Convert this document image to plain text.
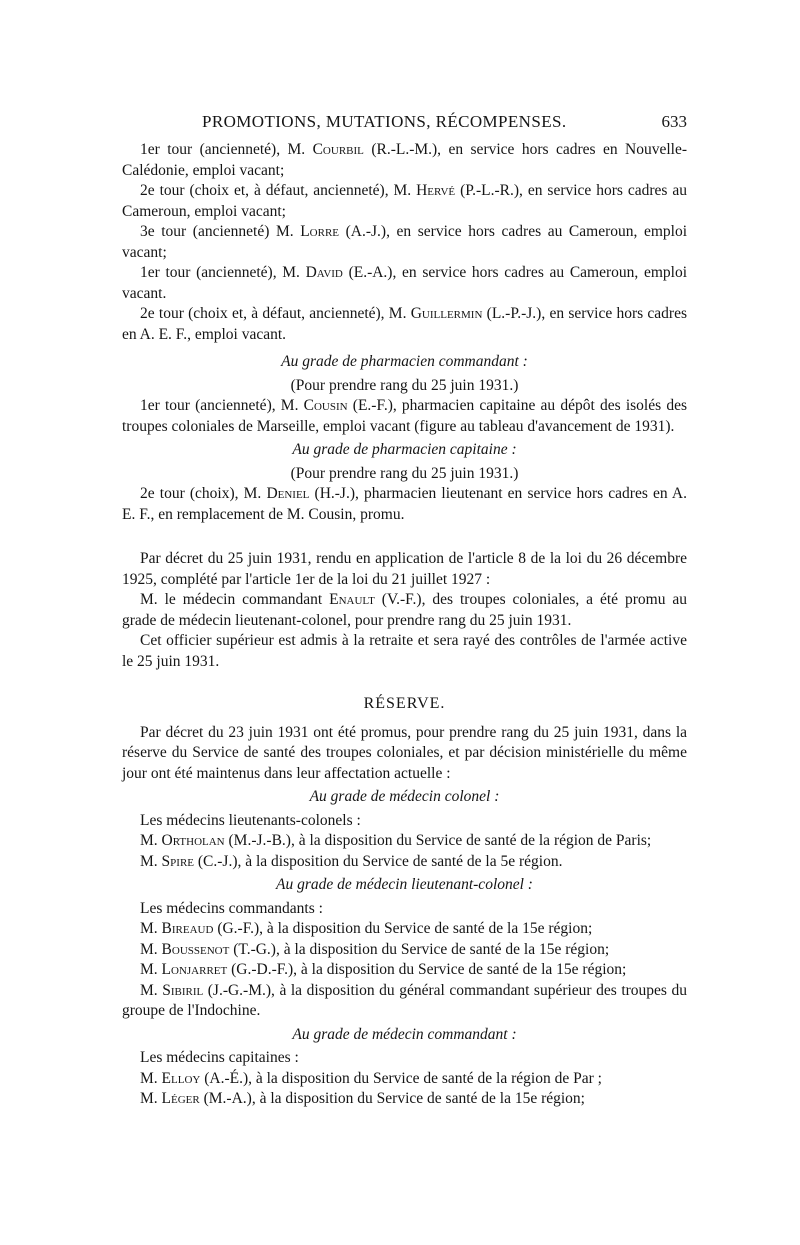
PROMOTIONS, MUTATIONS, RÉCOMPENSES.	633

1er tour (ancienneté), M. Courbil (R.-L.-M.), en service hors cadres en Nouvelle-Calédonie, emploi vacant;

2e tour (choix et, à défaut, ancienneté), M. Hervé (P.-L.-R.), en service hors cadres au Cameroun, emploi vacant;

3e tour (ancienneté) M. Lorre (A.-J.), en service hors cadres au Cameroun, emploi vacant;

1er tour (ancienneté), M. David (E.-A.), en service hors cadres au Cameroun, emploi vacant.

2e tour (choix et, à défaut, ancienneté), M. Guillermin (L.-P.-J.), en service hors cadres en A. E. F., emploi vacant.

Au grade de pharmacien commandant :

(Pour prendre rang du 25 juin 1931.)

1er tour (ancienneté), M. Cousin (E.-F.), pharmacien capitaine au dépôt des isolés des troupes coloniales de Marseille, emploi vacant (figure au tableau d'avancement de 1931).

Au grade de pharmacien capitaine :

(Pour prendre rang du 25 juin 1931.)

2e tour (choix), M. Deniel (H.-J.), pharmacien lieutenant en service hors cadres en A. E. F., en remplacement de M. Cousin, promu.

Par décret du 25 juin 1931, rendu en application de l'article 8 de la loi du 26 décembre 1925, complété par l'article 1er de la loi du 21 juillet 1927 :

M. le médecin commandant Enault (V.-F.), des troupes coloniales, a été promu au grade de médecin lieutenant-colonel, pour prendre rang du 25 juin 1931.

Cet officier supérieur est admis à la retraite et sera rayé des contrôles de l'armée active le 25 juin 1931.

RÉSERVE.

Par décret du 23 juin 1931 ont été promus, pour prendre rang du 25 juin 1931, dans la réserve du Service de santé des troupes coloniales, et par décision ministérielle du même jour ont été maintenus dans leur affectation actuelle :

Au grade de médecin colonel :

Les médecins lieutenants-colonels :

M. Ortholan (M.-J.-B.), à la disposition du Service de santé de la région de Paris;

M. Spire (C.-J.), à la disposition du Service de santé de la 5e région.

Au grade de médecin lieutenant-colonel :

Les médecins commandants :

M. Bireaud (G.-F.), à la disposition du Service de santé de la 15e région;

M. Boussenot (T.-G.), à la disposition du Service de santé de la 15e région;

M. Lonjarret (G.-D.-F.), à la disposition du Service de santé de la 15e région;

M. Sibiril (J.-G.-M.), à la disposition du général commandant supérieur des troupes du groupe de l'Indochine.

Au grade de médecin commandant :

Les médecins capitaines :

M. Elloy (A.-É.), à la disposition du Service de santé de la région de Par ;

M. Léger (M.-A.), à la disposition du Service de santé de la 15e région;
